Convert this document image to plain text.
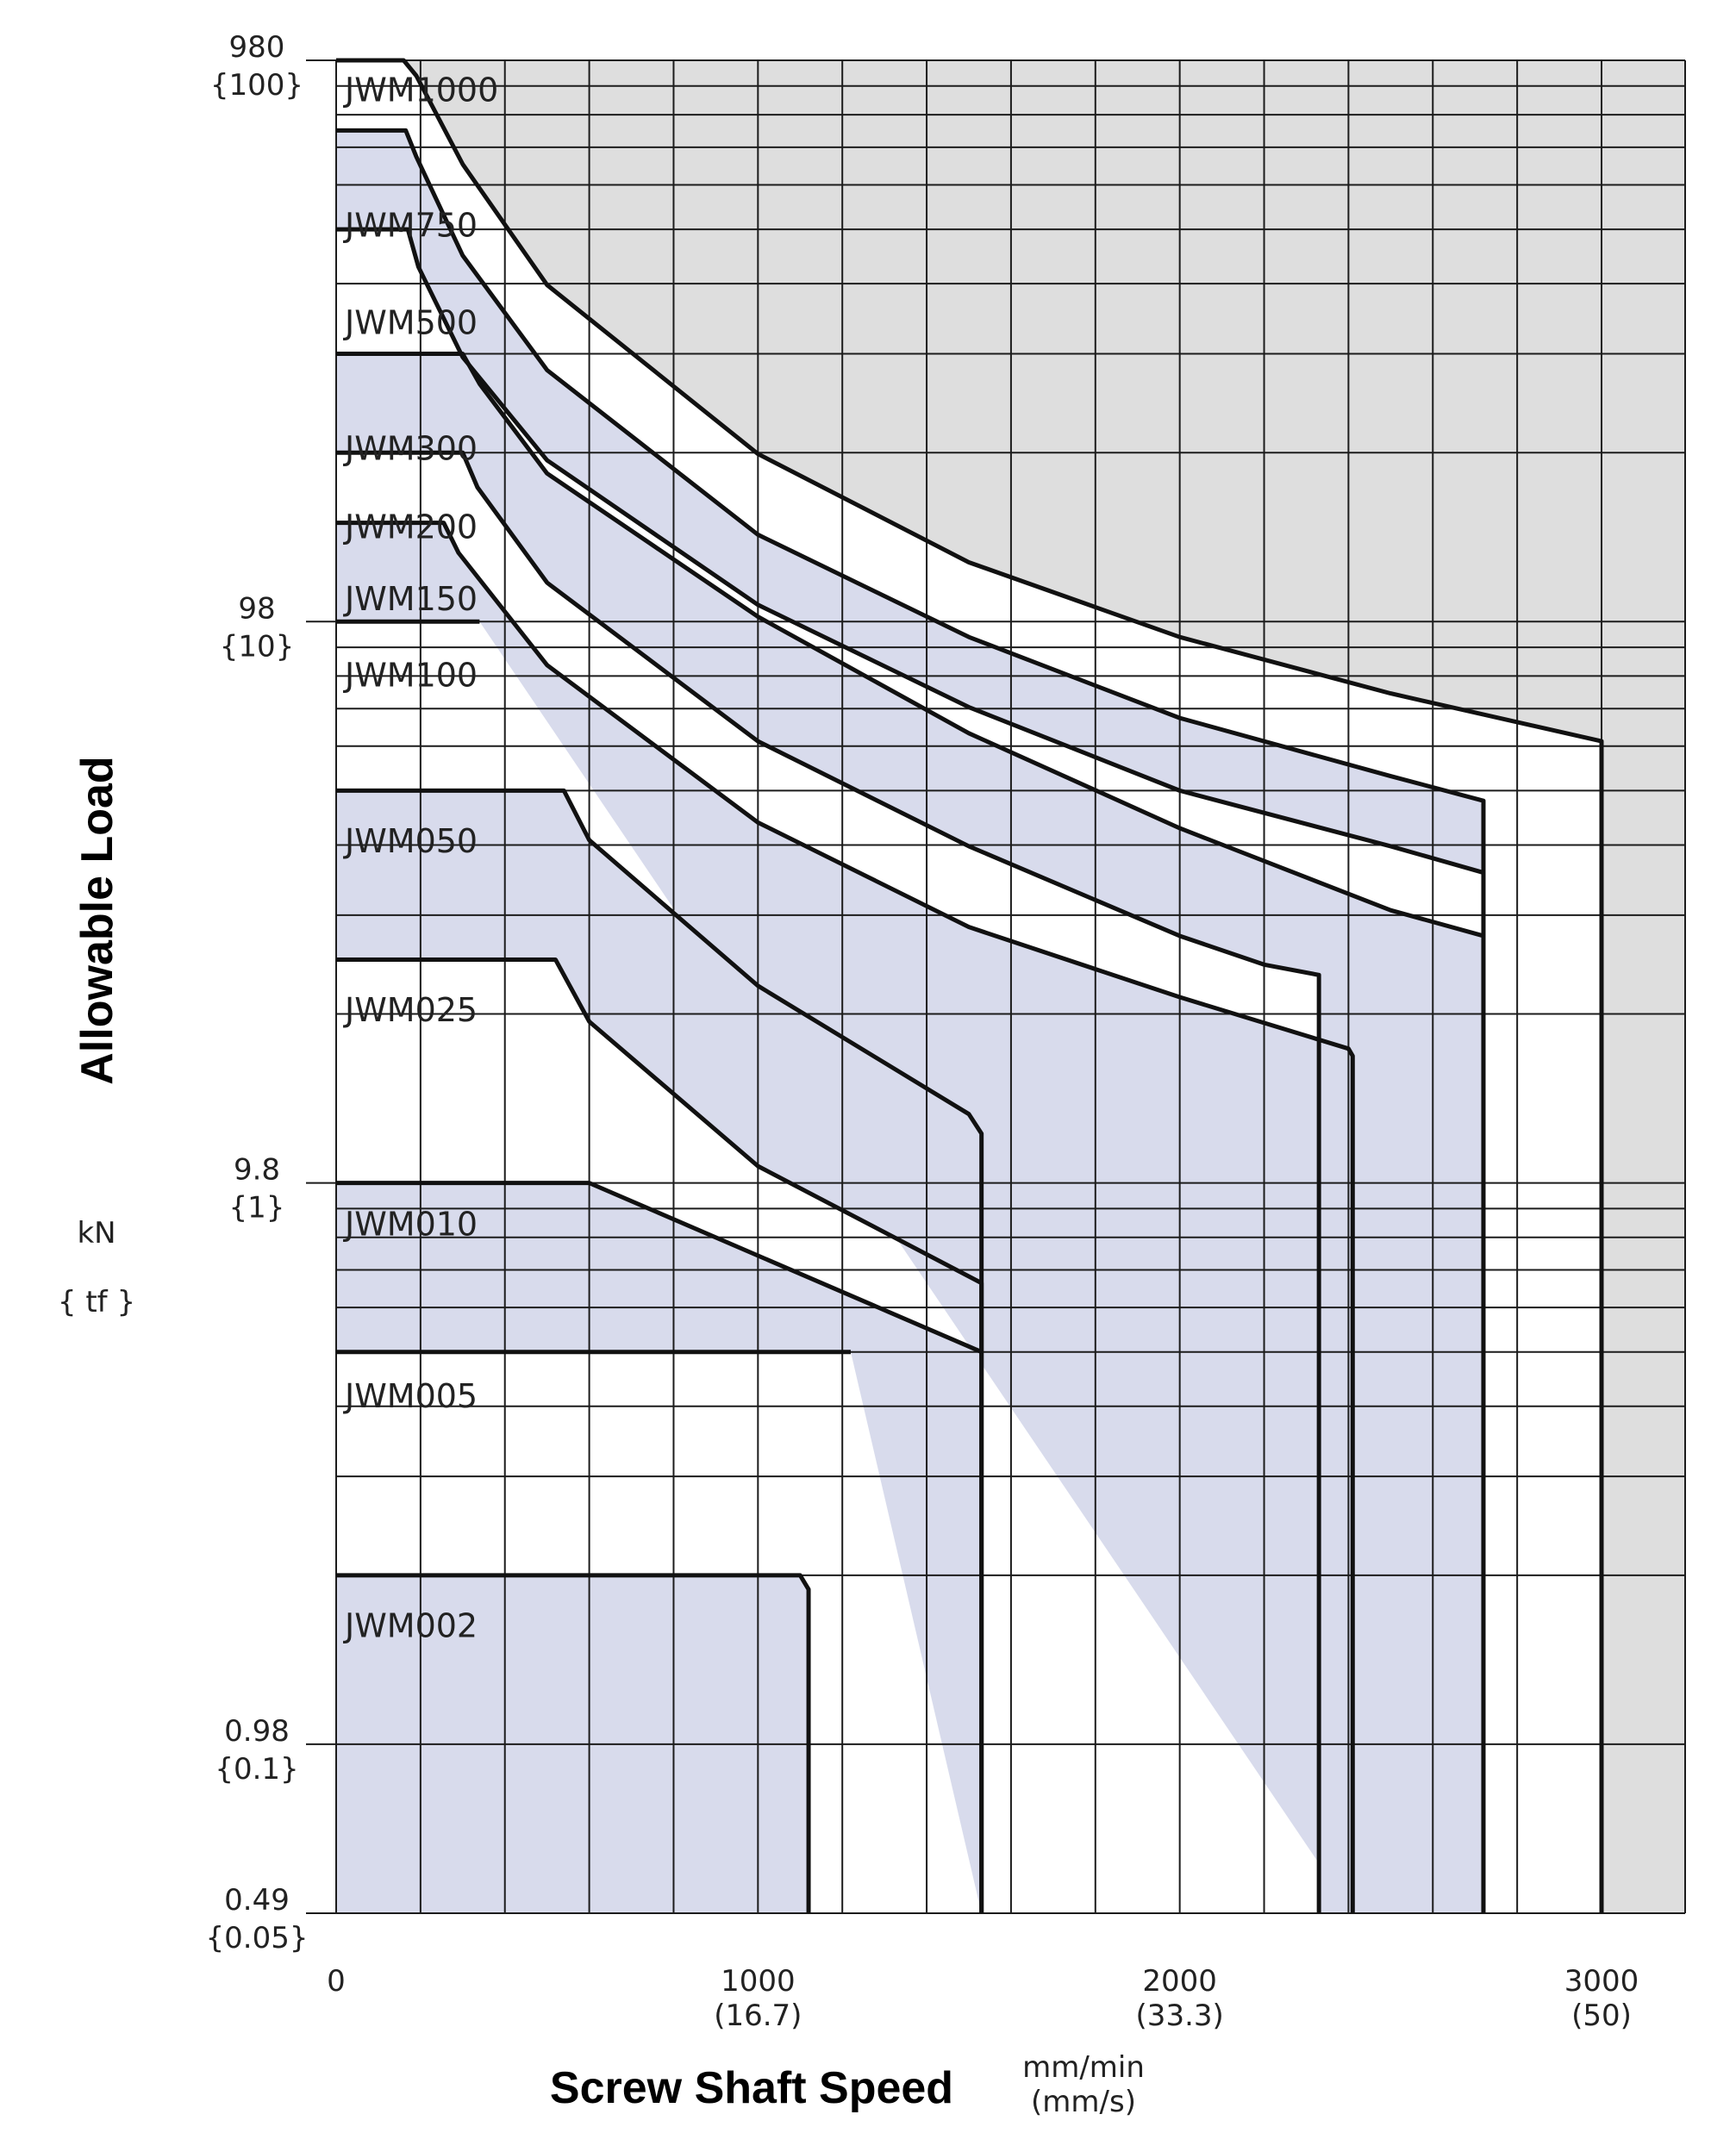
JWM1000
JWM750
JWM500
JWM300
JWM200
JWM150
JWM100
JWM050
JWM025
JWM010
JWM005
JWM002
980
{100}
98
{10}
9.8
{1}
0.98
{0.1}
0.49
{0.05}
0	1000
(16.7)
2000
(33.3)
3000
(50)
Allowable Load
kN
{ tf }
Screw Shaft Speed mm/min
(mm/s)
